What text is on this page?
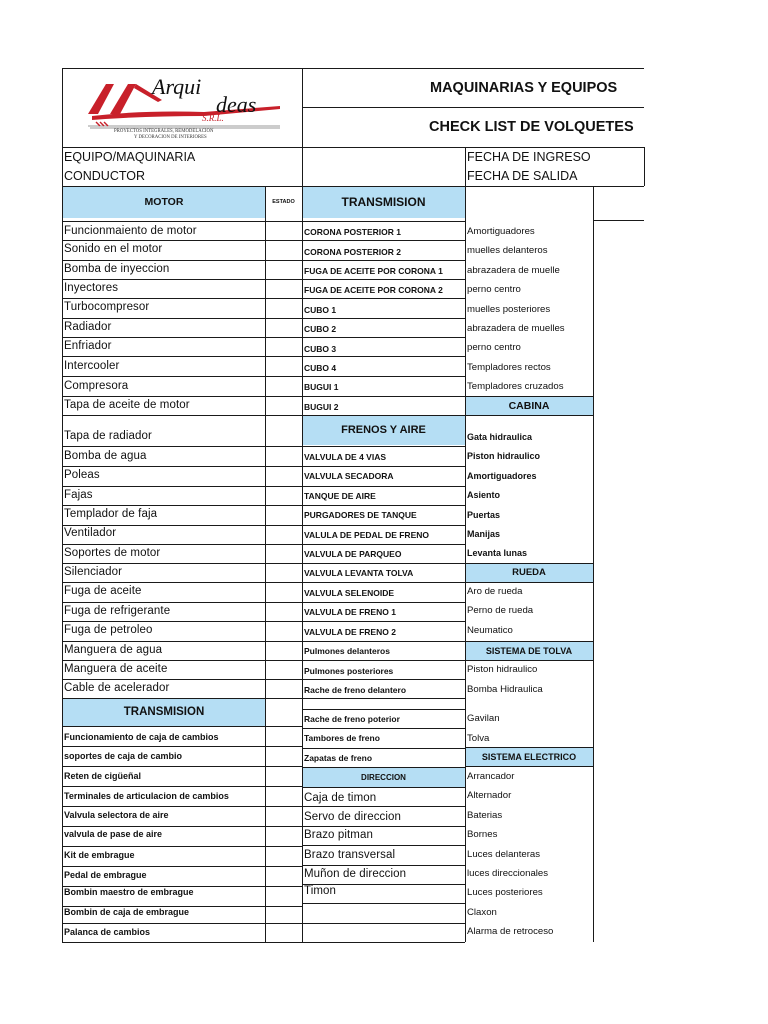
Arqui
deas
S.R.L.
PROYECTOS INTEGRALES, REMODELACION
Y DECORACION DE INTERIORES
MAQUINARIAS Y EQUIPOS
CHECK LIST DE VOLQUETES
EQUIPO/MAQUINARIA
CONDUCTOR
FECHA DE INGRESO
FECHA DE SALIDA
MOTOR	ESTADO	TRANSMISION
FRENOS Y AIRE
TRANSMISION
DIRECCION
CABINA
RUEDA
SISTEMA DE TOLVA
SISTEMA ELECTRICO
Funcionmaiento de motor
Sonido en el motor
Bomba de inyeccion
Inyectores
Turbocompresor
Radiador
Enfriador
Intercooler
Compresora
Tapa de aceite de motor
Tapa de radiador
Bomba de agua
Poleas
Fajas
Templador de faja
Ventilador
Soportes de motor
Silenciador
Fuga de aceite
Fuga de refrigerante
Fuga de petroleo
Manguera de agua
Manguera de aceite
Cable de acelerador
Funcionamiento de caja de cambios
soportes de caja de cambio
Reten de cigüeñal
Terminales de articulacion de cambios
Valvula selectora de aire
valvula de pase de aire
Kit de embrague
Pedal de embrague
Bombin maestro de embrague
Bombin de caja de embrague
Palanca de cambios
CORONA POSTERIOR 1
CORONA POSTERIOR 2
FUGA DE ACEITE POR CORONA 1
FUGA DE ACEITE POR CORONA 2
CUBO 1
CUBO 2
CUBO 3
CUBO 4
BUGUI 1
BUGUI 2
VALVULA DE 4 VIAS
VALVULA SECADORA
TANQUE DE AIRE
PURGADORES DE TANQUE
VALULA DE PEDAL DE FRENO
VALVULA DE PARQUEO
VALVULA LEVANTA TOLVA
VALVULA SELENOIDE
VALVULA DE FRENO 1
VALVULA DE FRENO 2
Pulmones delanteros
Pulmones posteriores
Rache de freno delantero
Rache de freno poterior
Tambores de freno
Zapatas de freno
Caja de timon
Servo de direccion
Brazo pitman
Brazo transversal
Muñon de direccion
Timon
Amortiguadores
muelles delanteros
abrazadera de muelle
perno centro
muelles posteriores
abrazadera de muelles
perno centro
Templadores rectos
Templadores cruzados
Gata hidraulica
Piston hidraulico
Amortiguadores
Asiento
Puertas
Manijas
Levanta lunas
Aro de rueda
Perno de rueda
Neumatico
Piston hidraulico
Bomba Hidraulica
Gavilan
Tolva
Arrancador
Alternador
Baterias
Bornes
Luces delanteras
luces direccionales
Luces posteriores
Claxon
Alarma de retroceso
